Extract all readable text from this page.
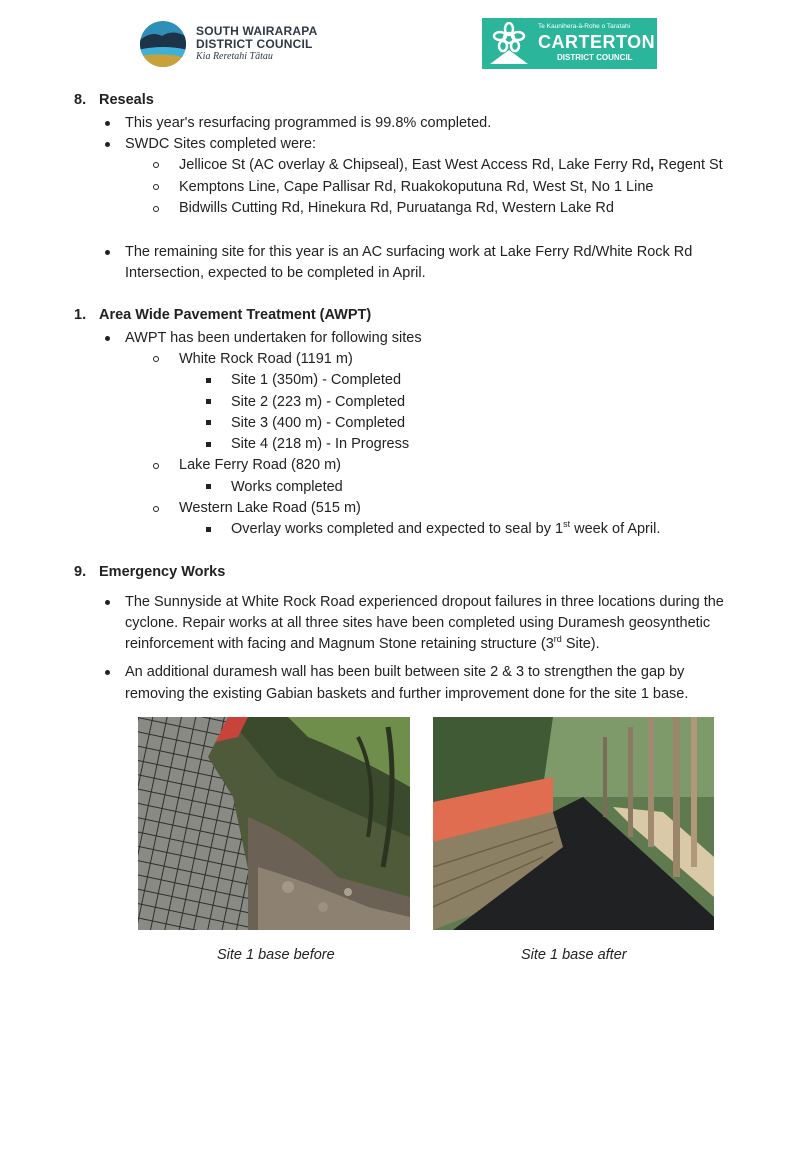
SOUTH WAIRARAPA
DISTRICT COUNCIL
Kia Reretahi Tātau
Te Kaunihera-ā-Rohe o Taratahi
CARTERTON
DISTRICT COUNCIL
8. Reseals
This year's resurfacing programmed is 99.8% completed.
SWDC Sites completed were:
Jellicoe St (AC overlay & Chipseal), East West Access Rd, Lake Ferry Rd, Regent St
Kemptons Line, Cape Pallisar Rd, Ruakokoputuna Rd, West St, No 1 Line
Bidwills Cutting Rd, Hinekura Rd, Puruatanga Rd, Western Lake Rd
The remaining site for this year is an AC surfacing work at Lake Ferry Rd/White Rock Rd
Intersection, expected to be completed in April.
1. Area Wide Pavement Treatment (AWPT)
AWPT has been undertaken for following sites
White Rock Road (1191 m)
Site 1 (350m) - Completed
Site 2 (223 m) - Completed
Site 3 (400 m) - Completed
Site 4 (218 m) - In Progress
Lake Ferry Road (820 m)
Works completed
Western Lake Road (515 m)
Overlay works completed and expected to seal by 1st week of April.
9. Emergency Works
The Sunnyside at White Rock Road experienced dropout failures in three locations during the
cyclone. Repair works at all three sites have been completed using Duramesh geosynthetic
reinforcement with facing and Magnum Stone retaining structure (3rd Site).
An additional duramesh wall has been built between site 2 & 3 to strengthen the gap by
removing the existing Gabian baskets and further improvement done for the site 1 base.
Site 1 base before	Site 1 base after
